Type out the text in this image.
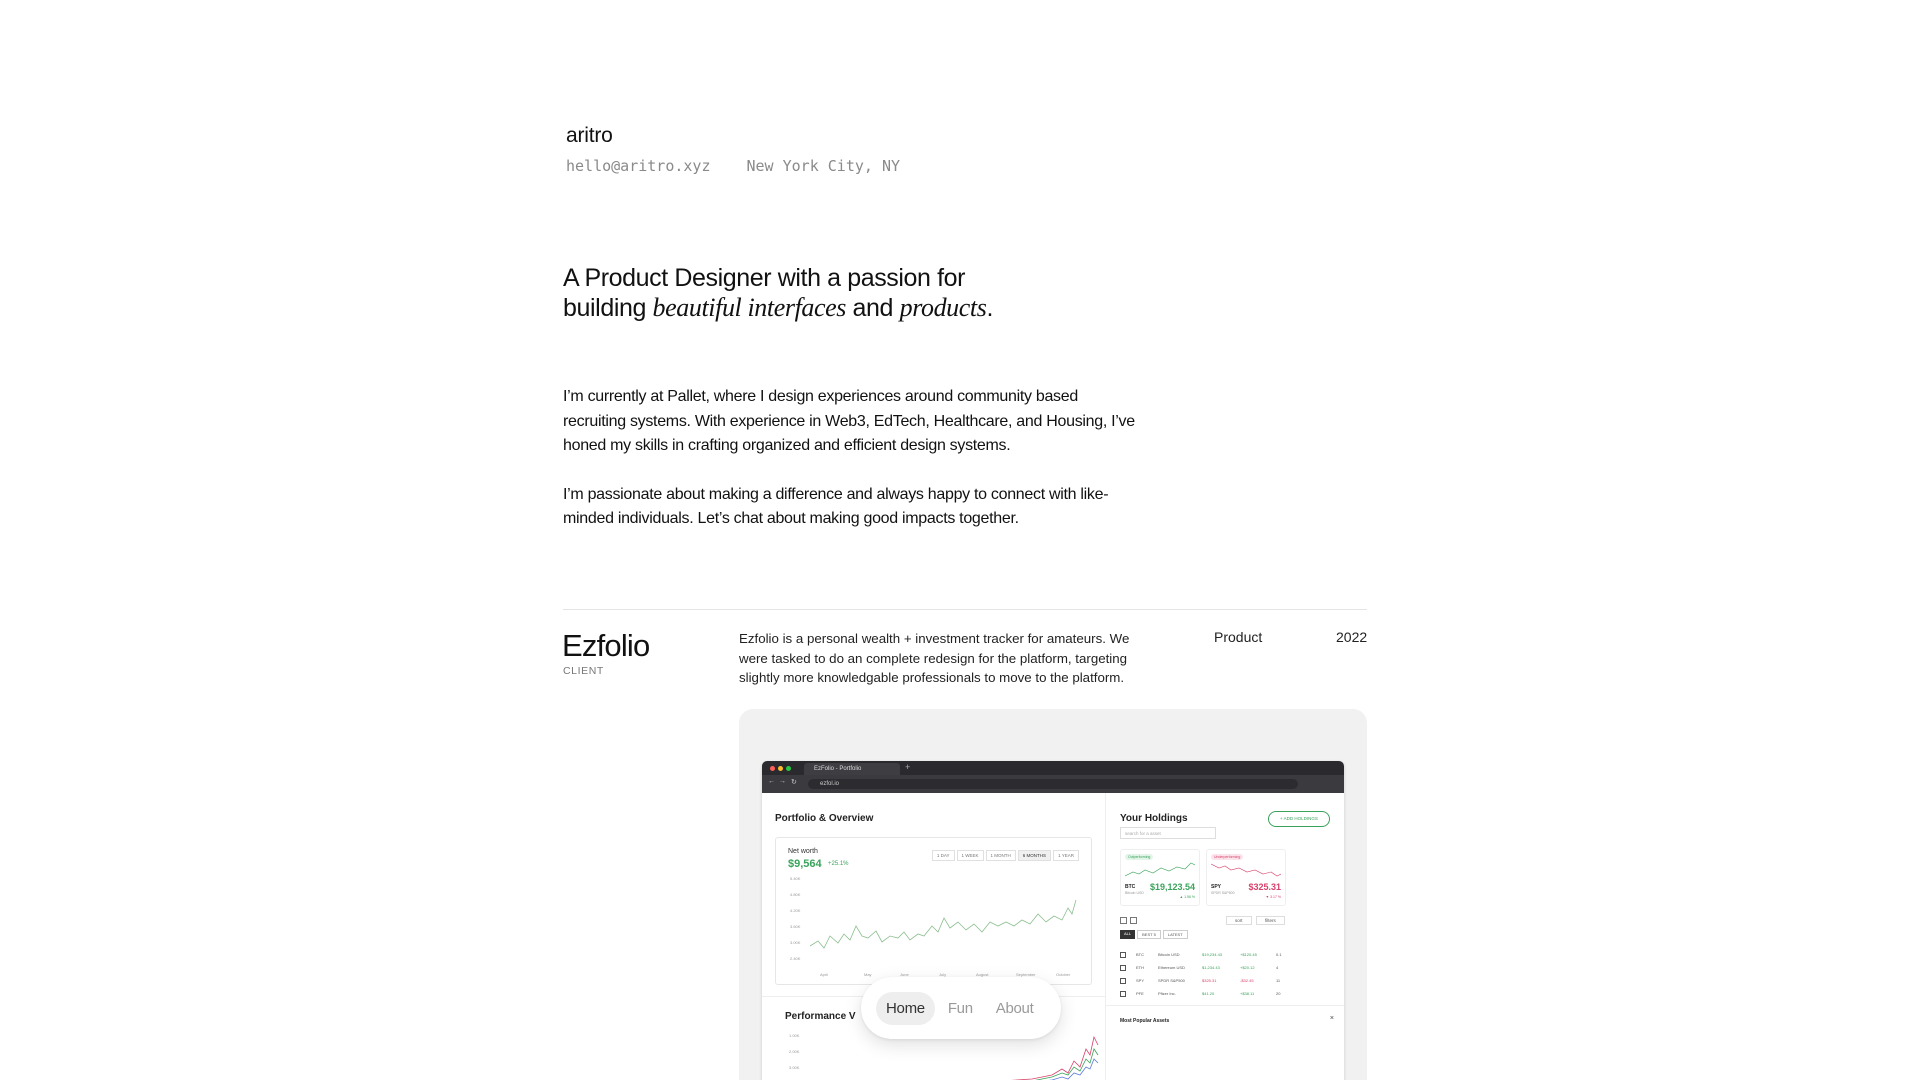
aritro
hello@aritro.xyz New York City, NY
A Product Designer with a passion for
building beautiful interfaces and products.

I’m currently at Pallet, where I design experiences around community based recruiting systems. With experience in Web3, EdTech, Healthcare, and Housing, I’ve honed my skills in crafting organized and efficient design systems.

I’m passionate about making a difference and always happy to connect with like-minded individuals. Let’s chat about making good impacts together.

Ezfolio
CLIENT
Ezfolio is a personal wealth + investment tracker for amateurs. We were tasked to do an complete redesign for the platform, targeting slightly more knowledgable professionals to move to the platform.
Product	2022
EzFolio - Portfolio	+
← → ↻	ezfol.io
Portfolio & Overview
Net worth
$9,564 +25.1%
1 DAY	1 WEEK	1 MONTH	6 MONTHS	1 YEAR
5.40K
4.80K
4.20K
3.60K
3.00K
2.40K
April	May	June	July	August	September	October
Performance V
1.00K
2.00K
3.00K
Your Holdings	+ ADD HOLDINGS
search for a asset
Outperforming
BTC
Bitcoin USD
$19,123.54
▲ 1.56 %
Underperforming
SPY
SPDR S&P500
$325.31
▼ 3.17 %
sort	filters
ALL	BEST 5	LATEST
BTC	Bitcoin USD	$19,234.43	+$120.45	0.1
ETH	Ethereum USD	$1,234.43	+$20.12	4
SPY	SPDR S&P500	$325.31	-$32.45	11
PFE	Pfizer Inc.	$41.20	+$38.11	20
Most Popular Assets	×
Home	Fun	About
